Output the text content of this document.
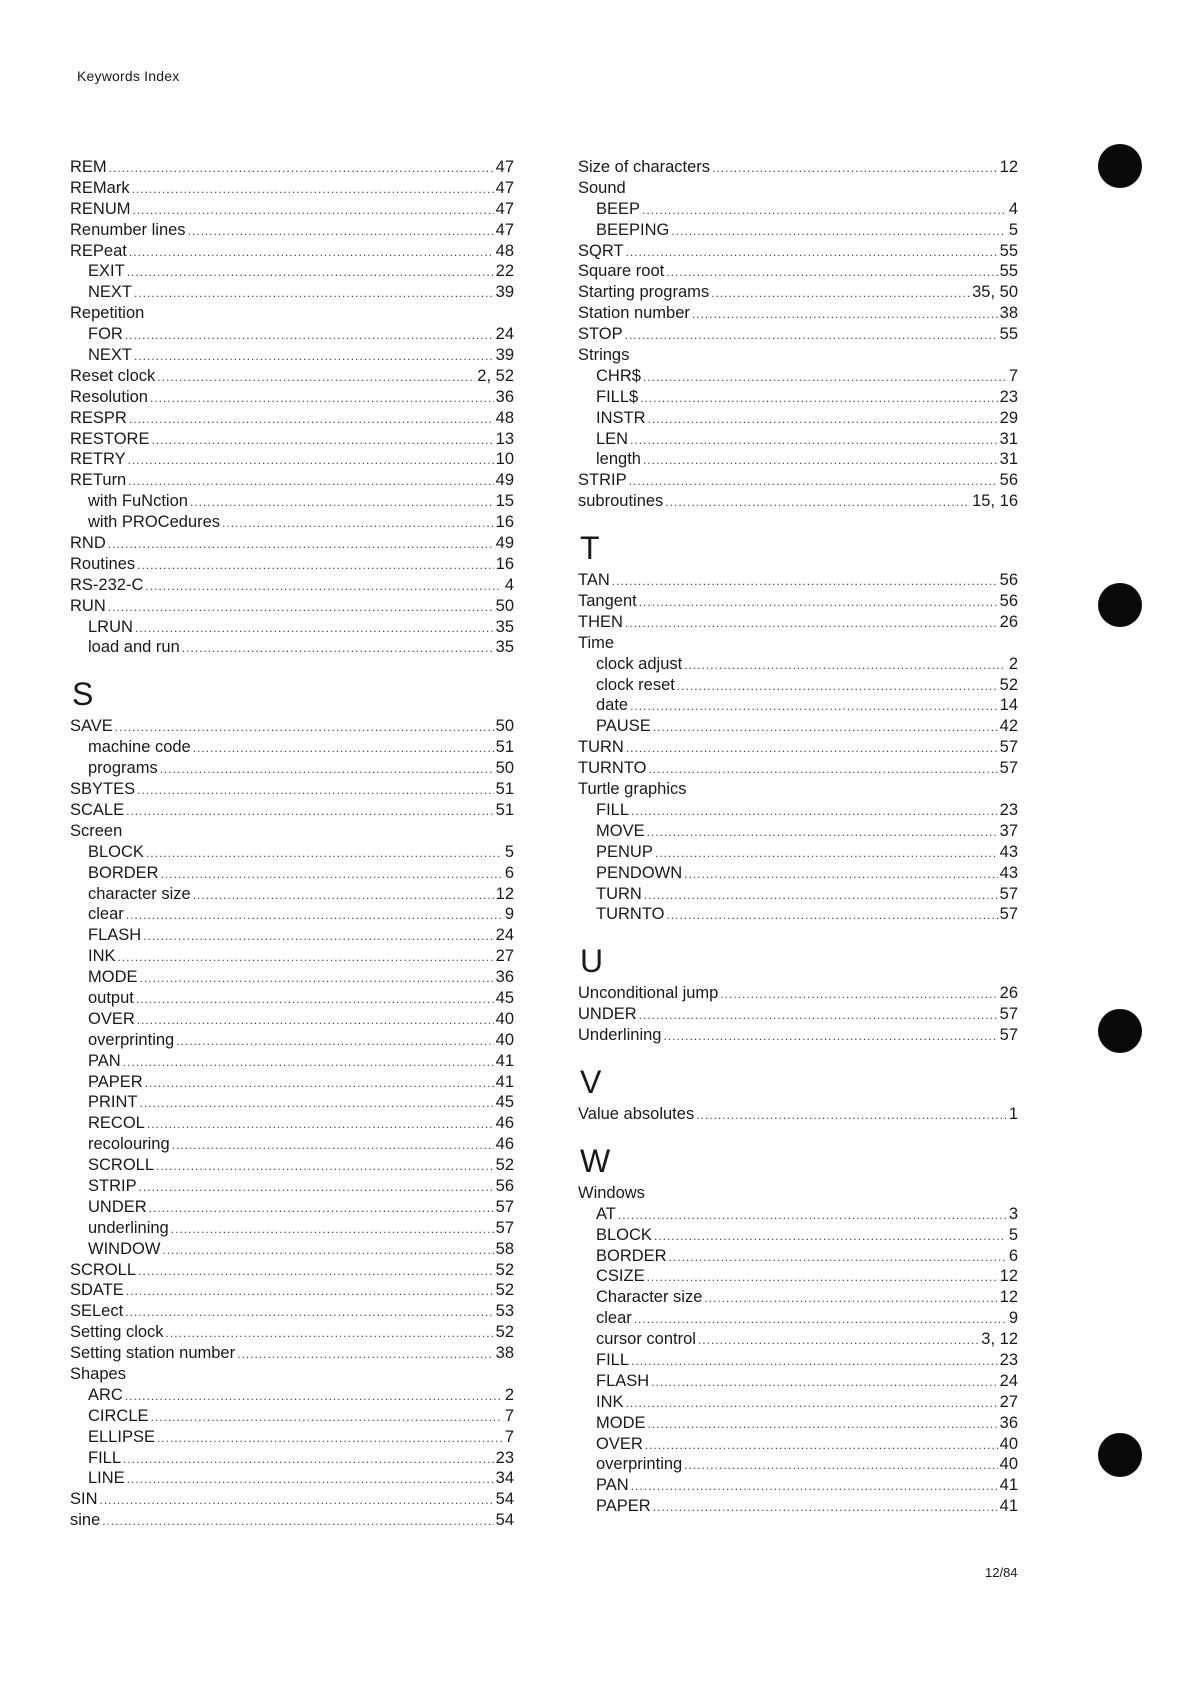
Keywords Index
REM .....	47
REMark .....	47
RENUM .....	47
Renumber lines .....	47
REPeat .....	48
EXIT .....	22
NEXT .....	39
Repetition
FOR .....	24
NEXT .....	39
Reset clock .....	2, 52
Resolution .....	36
RESPR .....	48
RESTORE .....	13
RETRY .....	10
RETurn .....	49
with FuNction .....	15
with PROCedures .....	16
RND .....	49
Routines .....	16
RS-232-C .....	4
RUN .....	50
LRUN .....	35
load and run .....	35
S
SAVE .....	50
machine code .....	51
programs .....	50
SBYTES .....	51
SCALE .....	51
Screen
BLOCK .....	5
BORDER .....	6
character size .....	12
clear .....	9
FLASH .....	24
INK .....	27
MODE .....	36
output .....	45
OVER .....	40
overprinting .....	40
PAN .....	41
PAPER .....	41
PRINT .....	45
RECOL .....	46
recolouring .....	46
SCROLL .....	52
STRIP .....	56
UNDER .....	57
underlining .....	57
WINDOW .....	58
SCROLL .....	52
SDATE .....	52
SELect .....	53
Setting clock .....	52
Setting station number .....	38
Shapes
ARC .....	2
CIRCLE .....	7
ELLIPSE .....	7
FILL .....	23
LINE .....	34
SIN .....	54
sine .....	54
Size of characters .....	12
Sound
BEEP .....	4
BEEPING .....	5
SQRT .....	55
Square root .....	55
Starting programs .....	35, 50
Station number .....	38
STOP .....	55
Strings
CHR$ .....	7
FILL$ .....	23
INSTR .....	29
LEN .....	31
length .....	31
STRIP .....	56
subroutines .....	15, 16
T
TAN .....	56
Tangent .....	56
THEN .....	26
Time
clock adjust .....	2
clock reset .....	52
date .....	14
PAUSE .....	42
TURN .....	57
TURNTO .....	57
Turtle graphics
FILL .....	23
MOVE .....	37
PENUP .....	43
PENDOWN .....	43
TURN .....	57
TURNTO .....	57
U
Unconditional jump .....	26
UNDER .....	57
Underlining .....	57
V
Value absolutes .....	1
W
Windows
AT .....	3
BLOCK .....	5
BORDER .....	6
CSIZE .....	12
Character size .....	12
clear .....	9
cursor control .....	3, 12
FILL .....	23
FLASH .....	24
INK .....	27
MODE .....	36
OVER .....	40
overprinting .....	40
PAN .....	41
PAPER .....	41
12/84
